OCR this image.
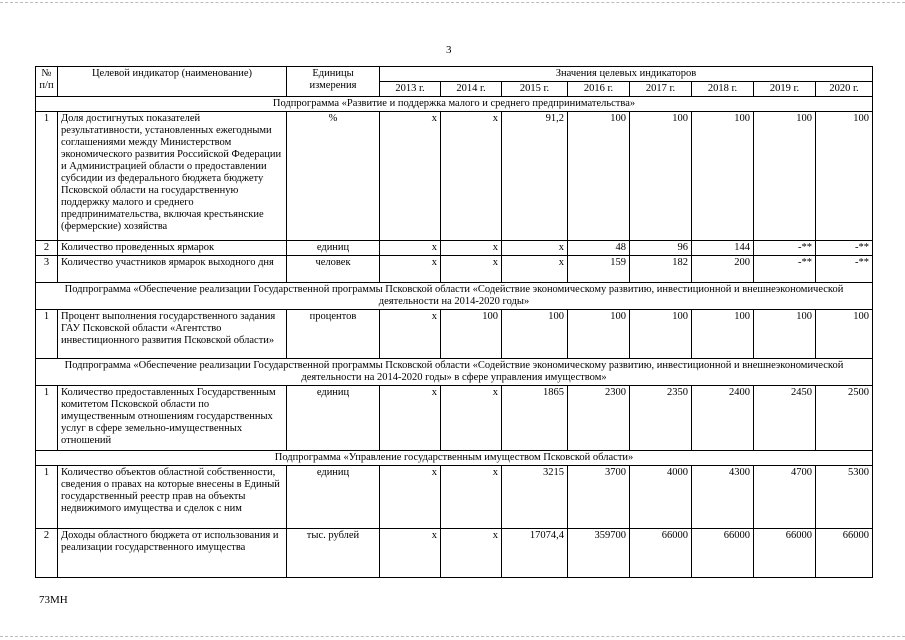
3
№
п/п	Целевой индикатор (наименование)	Единицы
измерения	Значения целевых индикаторов							
			2013 г.	2014 г.	2015 г.	2016 г.	2017 г.	2018 г.	2019 г.	2020 г.
Подпрограмма «Развитие и поддержка малого и среднего предпринимательства»										
1	Доля достигнутых показателей результативности, установленных ежегодными соглашениями между Министерством экономического развития Российской Федерации и Администрацией области о предоставлении субсидии из федерального бюджета бюджету Псковской области на государственную поддержку малого и среднего предпринимательства, включая крестьянские (фермерские) хозяйства	%	x	x	91,2	100	100	100	100	100
2	Количество проведенных ярмарок	единиц	x	x	x	48	96	144	-**	-**
3	Количество участников ярмарок выходного дня	человек	x	x	x	159	182	200	-**	-**
Подпрограмма «Обеспечение реализации Государственной программы Псковской области «Содействие экономическому развитию, инвестиционной и внешнеэкономической деятельности на 2014-2020 годы»										
1	Процент выполнения государственного задания ГАУ Псковской области «Агентство инвестиционного развития Псковской области»	процентов	x	100	100	100	100	100	100	100
Подпрограмма «Обеспечение реализации Государственной программы Псковской области «Содействие экономическому развитию, инвестиционной и внешнеэкономической деятельности на 2014-2020 годы» в сфере управления имуществом»										
1	Количество предоставленных Государственным комитетом Псковской области по имущественным отношениям государственных услуг в сфере земельно-имущественных отношений	единиц	x	x	1865	2300	2350	2400	2450	2500
Подпрограмма «Управление государственным имуществом Псковской области»										
1	Количество объектов областной собственности, сведения о правах на которые внесены в Единый государственный реестр прав на объекты недвижимого имущества и сделок с ним	единиц	x	x	3215	3700	4000	4300	4700	5300
2	Доходы областного бюджета от использования и реализации государственного имущества	тыс. рублей	x	x	17074,4	359700	66000	66000	66000	66000
73МН
